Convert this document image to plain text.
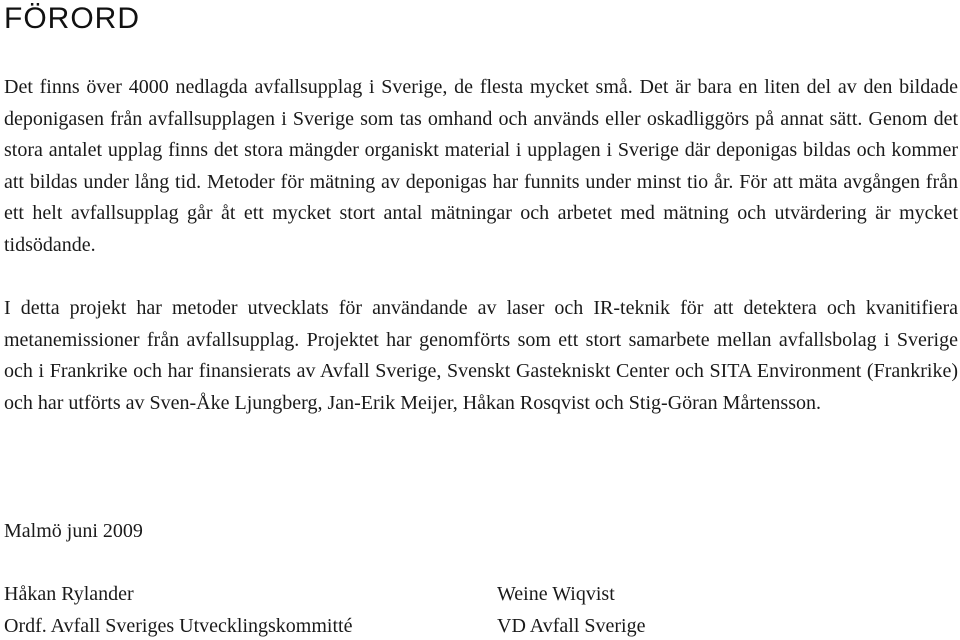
FÖRORD

Det finns över 4000 nedlagda avfallsupplag i Sverige, de flesta mycket små. Det är bara en liten del av den bildade deponigasen från avfallsupplagen i Sverige som tas omhand och används eller oskadliggörs på annat sätt. Genom det stora antalet upplag finns det stora mängder organiskt material i upplagen i Sverige där deponigas bildas och kommer att bildas under lång tid. Metoder för mätning av deponigas har funnits under minst tio år. För att mäta avgången från ett helt avfallsupplag går åt ett mycket stort antal mätningar och arbetet med mätning och utvärdering är mycket tidsödande.

I detta projekt har metoder utvecklats för användande av laser och IR-teknik för att detektera och kvanitifiera metanemissioner från avfallsupplag. Projektet har genomförts som ett stort samarbete mellan avfallsbolag i Sverige och i Frankrike och har finansierats av Avfall Sverige, Svenskt Gastekniskt Center och SITA Environment (Frankrike) och har utförts av Sven-Åke Ljungberg, Jan-Erik Meijer, Håkan Rosqvist och Stig-Göran Mårtensson.

Malmö juni 2009
Håkan Rylander
Ordf. Avfall Sveriges Utvecklingskommitté
Weine Wiqvist
VD Avfall Sverige
